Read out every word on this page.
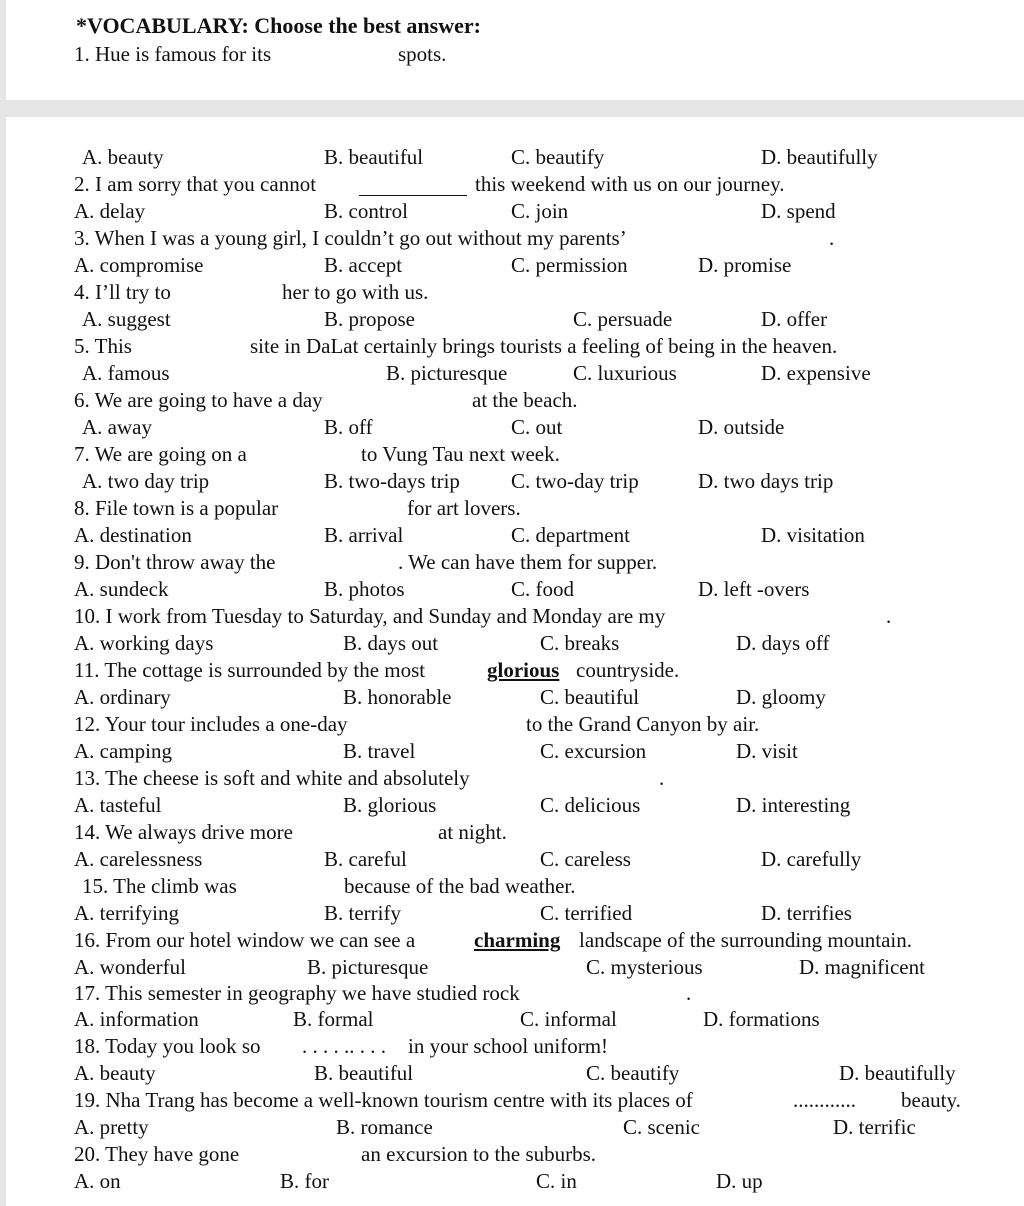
*VOCABULARY: Choose the best answer:
1. Hue is famous for its	spots.
A. beauty	B. beautiful	C. beautify	D. beautifully
2. I am sorry that you cannot	this weekend with us on our journey.
A. delay	B. control	C. join	D. spend
3. When I was a young girl, I couldn’t go out without my parents’	.
A. compromise	B. accept	C. permission	D. promise
4. I’ll try to	her to go with us.
A. suggest	B. propose	C. persuade	D. offer
5. This	site in DaLat certainly brings tourists a feeling of being in the heaven.
A. famous	B. picturesque	C. luxurious	D. expensive
6. We are going to have a day	at the beach.
A. away	B. off	C. out	D. outside
7. We are going on a	to Vung Tau next week.
A. two day trip	B. two-days trip C. two-day trip	D. two days trip
8. File town is a popular	for art lovers.
A. destination	B. arrival	C. department	D. visitation
9. Don't throw away the	. We can have them for supper.
A. sundeck	B. photos	C. food	D. left -overs
10. I work from Tuesday to Saturday, and Sunday and Monday are my	.
A. working days	B. days out	C. breaks	D. days off
11. The cottage is surrounded by the most	glorious countryside.
A. ordinary	B. honorable	C. beautiful	D. gloomy
12. Your tour includes a one-day	to the Grand Canyon by air.
A. camping	B. travel	C. excursion	D. visit
13. The cheese is soft and white and absolutely	.
A. tasteful	B. glorious	C. delicious	D. interesting
14. We always drive more	at night.
A. carelessness	B. careful	C. careless	D. carefully
15. The climb was	because of the bad weather.
A. terrifying	B. terrify	C. terrified	D. terrifies
16. From our hotel window we can see a	charming landscape of the surrounding mountain.
A. wonderful	B. picturesque	C. mysterious	D. magnificent
17. This semester in geography we have studied rock	.
A. information	B. formal	C. informal	D. formations
18. Today you look so . . . . .. . . . in your school uniform!
A. beauty	B. beautiful	C. beautify	D. beautifully
19. Nha Trang has become a well-known tourism centre with its places of	............ beauty.
A. pretty	B. romance	C. scenic	D. terrific
20. They have gone	an excursion to the suburbs.
A. on	B. for	C. in	D. up
